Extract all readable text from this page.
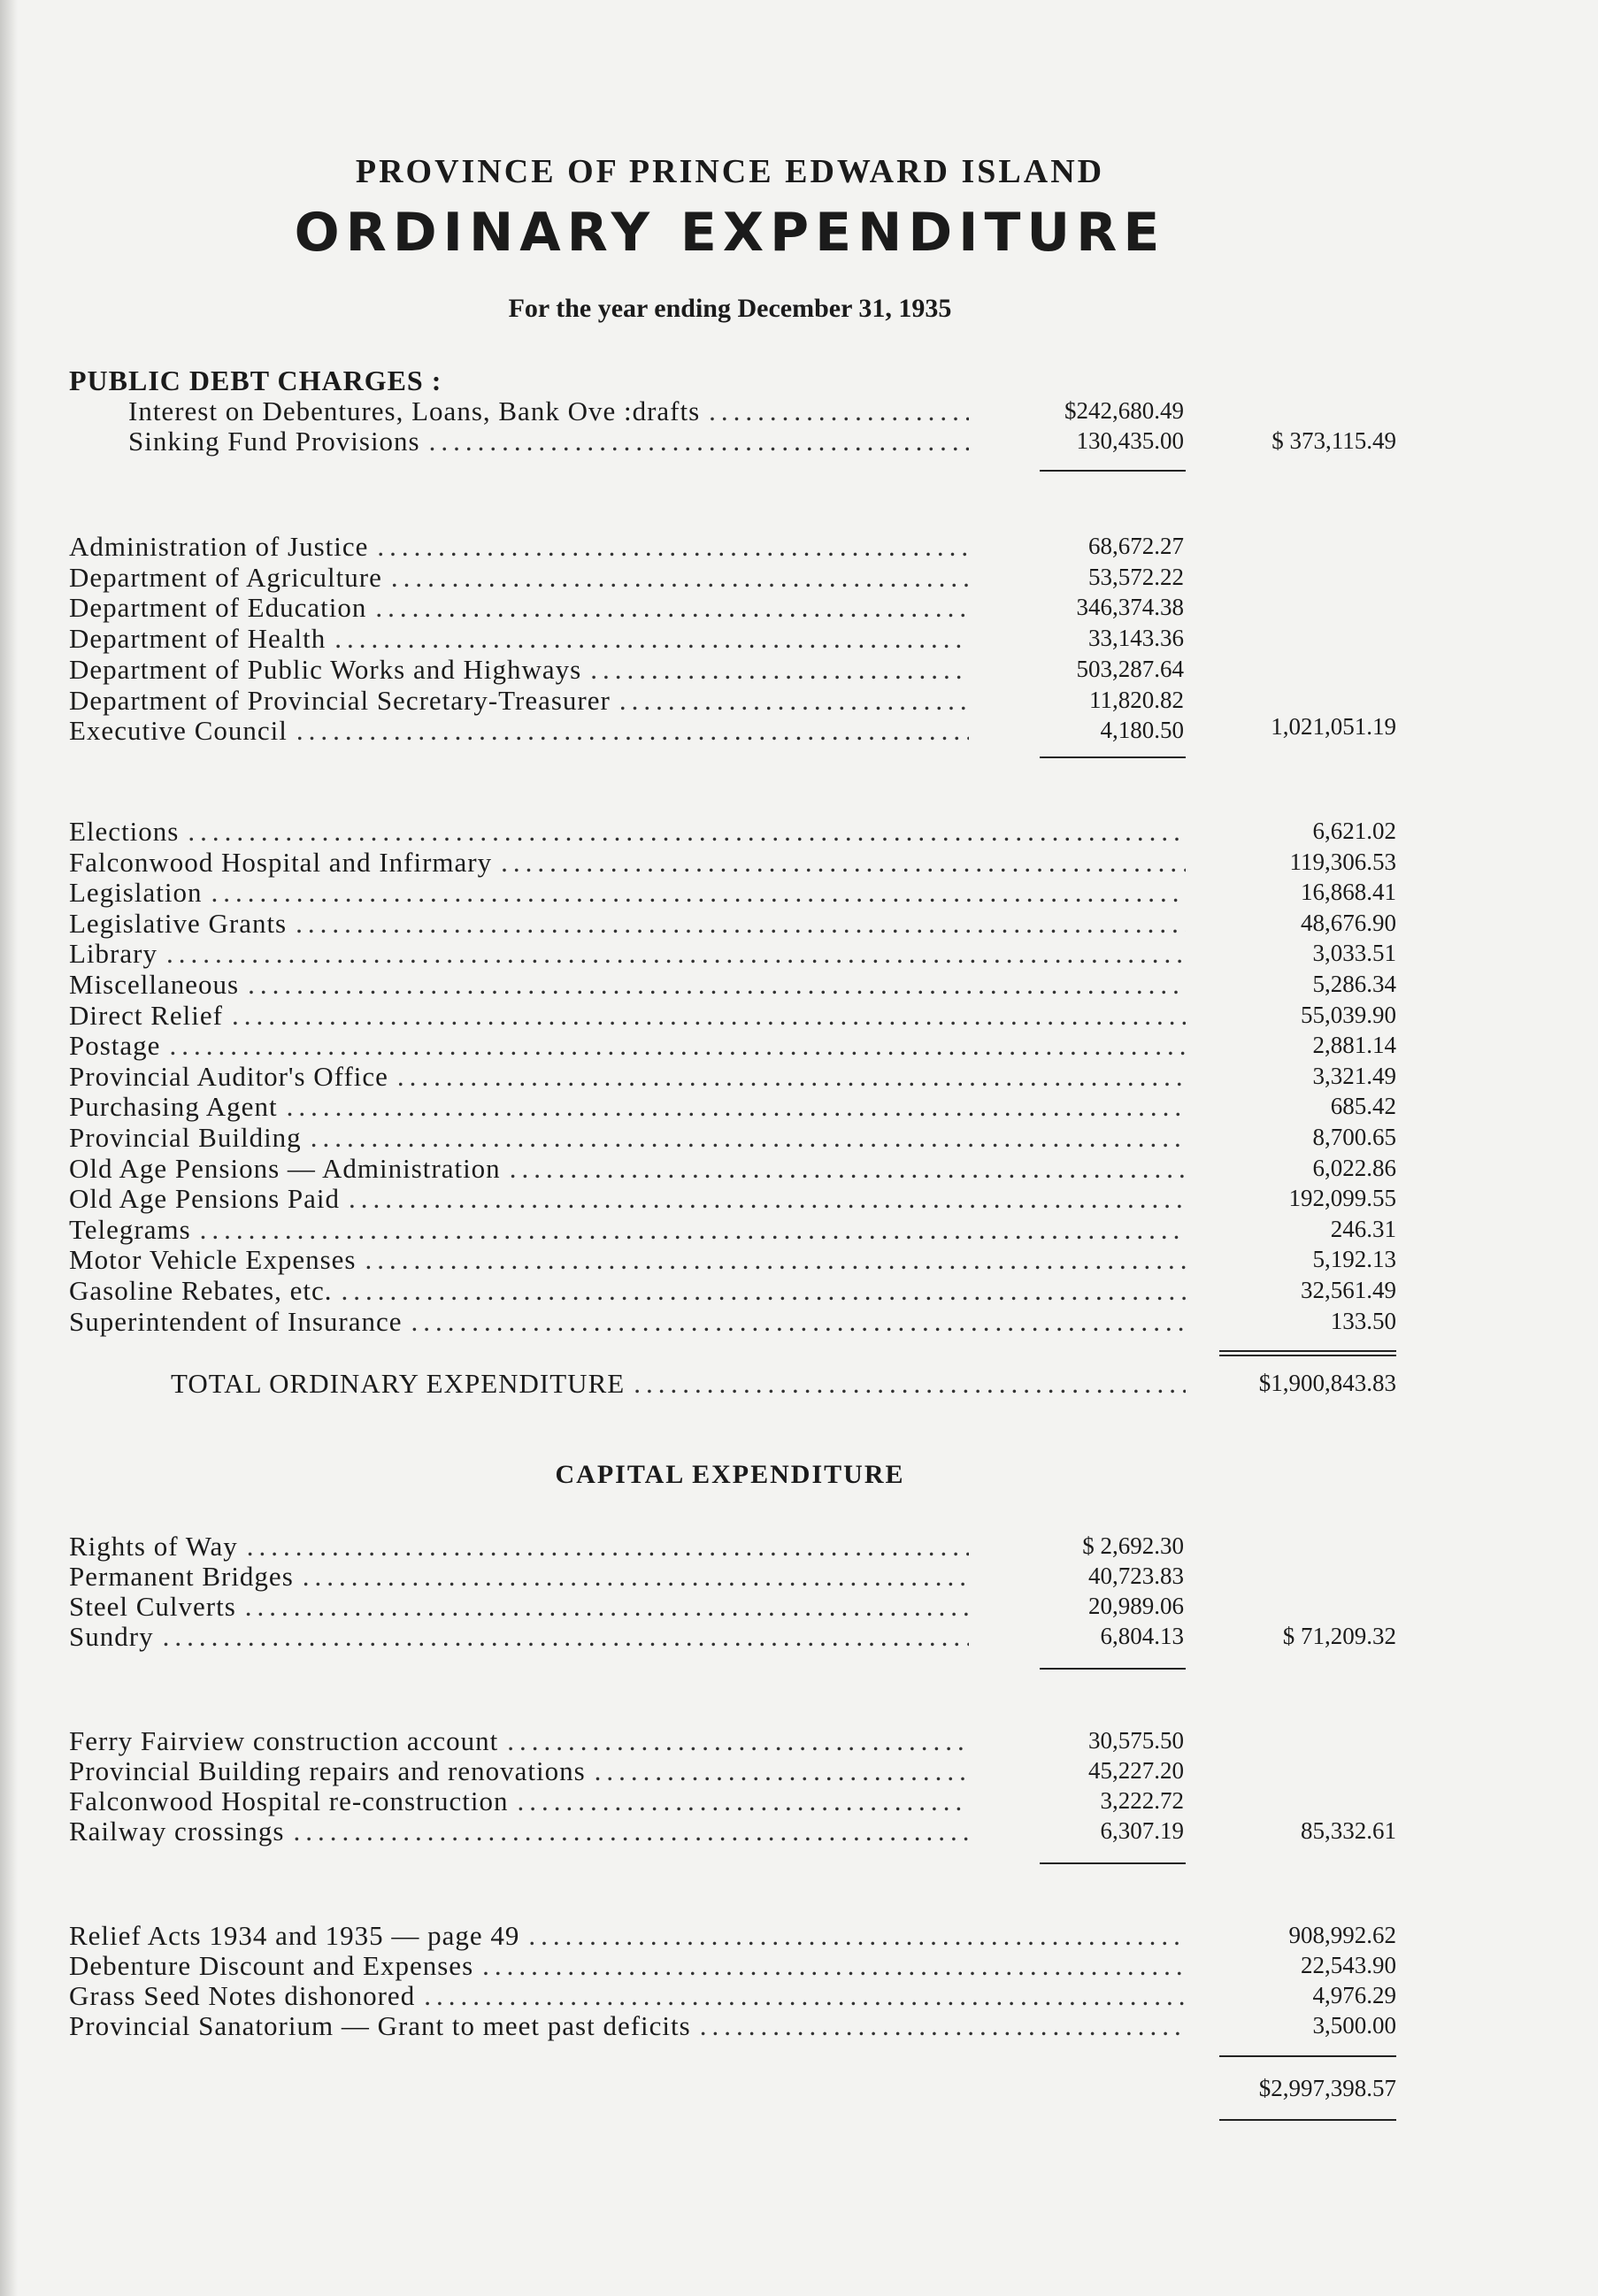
PROVINCE OF PRINCE EDWARD ISLAND
ORDINARY EXPENDITURE
For the year ending December 31, 1935
PUBLIC DEBT CHARGES :
Interest on Debentures, Loans, Bank Ove :drafts .....	$242,680.49
Sinking Fund Provisions .....	130,435.00	$ 373,115.49
Administration of Justice .....	68,672.27
Department of Agriculture .....	53,572.22
Department of Education .....	346,374.38
Department of Health .....	33,143.36
Department of Public Works and Highways .....	503,287.64
Department of Provincial Secretary-Treasurer .....	11,820.82
Executive Council .....	4,180.50	1,021,051.19
Elections .....	6,621.02
Falconwood Hospital and Infirmary .....	119,306.53
Legislation .....	16,868.41
Legislative Grants .....	48,676.90
Library .....	3,033.51
Miscellaneous .....	5,286.34
Direct Relief .....	55,039.90
Postage .....	2,881.14
Provincial Auditor's Office .....	3,321.49
Purchasing Agent .....	685.42
Provincial Building .....	8,700.65
Old Age Pensions — Administration .....	6,022.86
Old Age Pensions Paid .....	192,099.55
Telegrams .....	246.31
Motor Vehicle Expenses .....	5,192.13
Gasoline Rebates, etc. .....	32,561.49
Superintendent of Insurance .....	133.50
TOTAL ORDINARY EXPENDITURE .....	$1,900,843.83
Rights of Way .....	$ 2,692.30
Permanent Bridges .....	40,723.83
Steel Culverts .....	20,989.06
Sundry .....	6,804.13	$ 71,209.32
Ferry Fairview construction account .....	30,575.50
Provincial Building repairs and renovations .....	45,227.20
Falconwood Hospital re-construction .....	3,222.72
Railway crossings .....	6,307.19	85,332.61
Relief Acts 1934 and 1935 — page 49 .....	908,992.62
Debenture Discount and Expenses .....	22,543.90
Grass Seed Notes dishonored .....	4,976.29
Provincial Sanatorium — Grant to meet past deficits .....	3,500.00
$2,997,398.57
CAPITAL EXPENDITURE
